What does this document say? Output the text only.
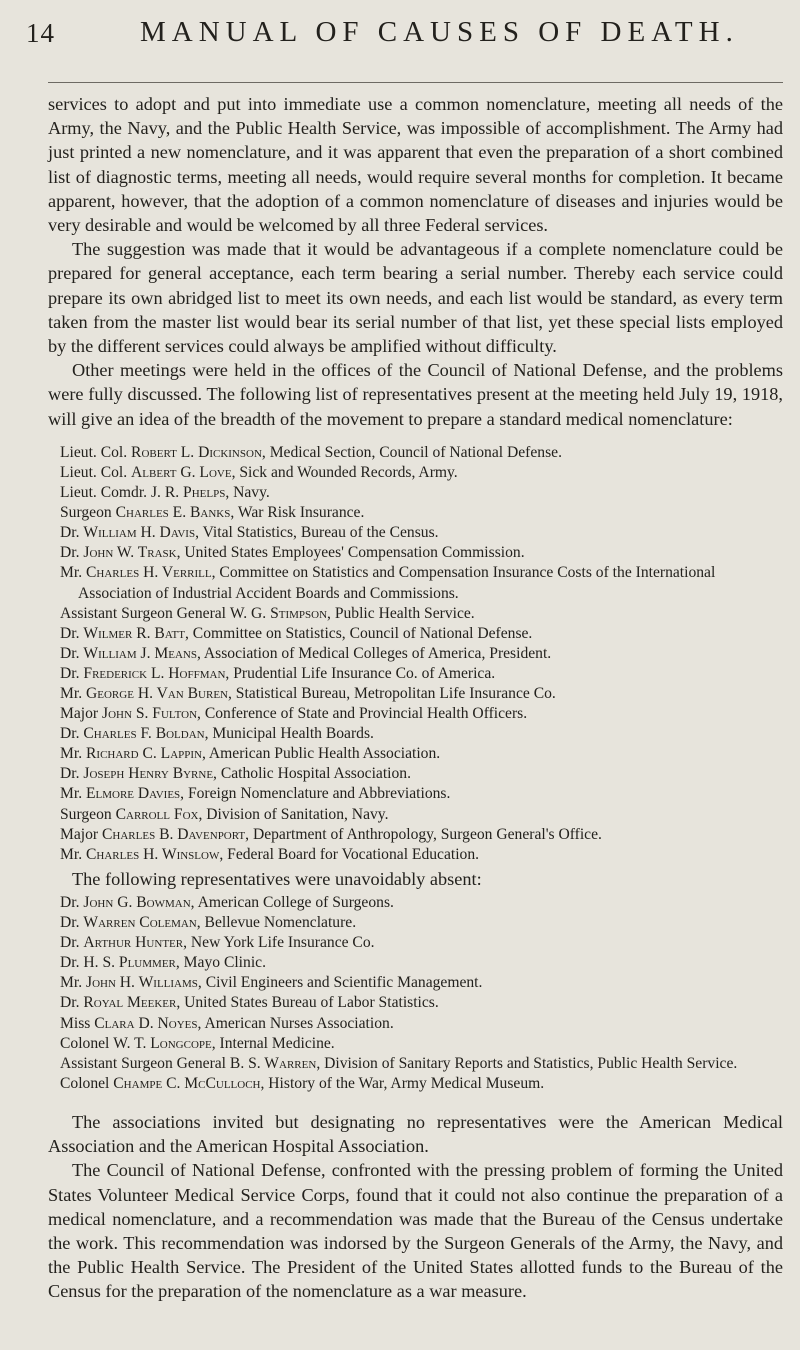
14	MANUAL OF CAUSES OF DEATH.

services to adopt and put into immediate use a common nomenclature, meeting all needs of the Army, the Navy, and the Public Health Service, was impossible of accomplishment. The Army had just printed a new nomenclature, and it was apparent that even the preparation of a short combined list of diagnostic terms, meeting all needs, would require several months for completion. It became apparent, however, that the adoption of a common nomenclature of diseases and injuries would be very desirable and would be welcomed by all three Federal services.

The suggestion was made that it would be advantageous if a complete nomenclature could be prepared for general acceptance, each term bearing a serial number. Thereby each service could prepare its own abridged list to meet its own needs, and each list would be standard, as every term taken from the master list would bear its serial number of that list, yet these special lists employed by the different services could always be amplified without difficulty.

Other meetings were held in the offices of the Council of National Defense, and the problems were fully discussed. The following list of representatives present at the meeting held July 19, 1918, will give an idea of the breadth of the movement to prepare a standard medical nomenclature:

Lieut. Col. Robert L. Dickinson, Medical Section, Council of National Defense.
Lieut. Col. Albert G. Love, Sick and Wounded Records, Army.
Lieut. Comdr. J. R. Phelps, Navy.
Surgeon Charles E. Banks, War Risk Insurance.
Dr. William H. Davis, Vital Statistics, Bureau of the Census.
Dr. John W. Trask, United States Employees' Compensation Commission.
Mr. Charles H. Verrill, Committee on Statistics and Compensation Insurance Costs of the International Association of Industrial Accident Boards and Commissions.
Assistant Surgeon General W. G. Stimpson, Public Health Service.
Dr. Wilmer R. Batt, Committee on Statistics, Council of National Defense.
Dr. William J. Means, Association of Medical Colleges of America, President.
Dr. Frederick L. Hoffman, Prudential Life Insurance Co. of America.
Mr. George H. Van Buren, Statistical Bureau, Metropolitan Life Insurance Co.
Major John S. Fulton, Conference of State and Provincial Health Officers.
Dr. Charles F. Boldan, Municipal Health Boards.
Mr. Richard C. Lappin, American Public Health Association.
Dr. Joseph Henry Byrne, Catholic Hospital Association.
Mr. Elmore Davies, Foreign Nomenclature and Abbreviations.
Surgeon Carroll Fox, Division of Sanitation, Navy.
Major Charles B. Davenport, Department of Anthropology, Surgeon General's Office.
Mr. Charles H. Winslow, Federal Board for Vocational Education.

The following representatives were unavoidably absent:

Dr. John G. Bowman, American College of Surgeons.
Dr. Warren Coleman, Bellevue Nomenclature.
Dr. Arthur Hunter, New York Life Insurance Co.
Dr. H. S. Plummer, Mayo Clinic.
Mr. John H. Williams, Civil Engineers and Scientific Management.
Dr. Royal Meeker, United States Bureau of Labor Statistics.
Miss Clara D. Noyes, American Nurses Association.
Colonel W. T. Longcope, Internal Medicine.
Assistant Surgeon General B. S. Warren, Division of Sanitary Reports and Statistics, Public Health Service.
Colonel Champe C. McCulloch, History of the War, Army Medical Museum.

The associations invited but designating no representatives were the American Medical Association and the American Hospital Association.

The Council of National Defense, confronted with the pressing problem of forming the United States Volunteer Medical Service Corps, found that it could not also continue the preparation of a medical nomenclature, and a recommendation was made that the Bureau of the Census undertake the work. This recommendation was indorsed by the Surgeon Generals of the Army, the Navy, and the Public Health Service. The President of the United States allotted funds to the Bureau of the Census for the preparation of the nomenclature as a war measure.
